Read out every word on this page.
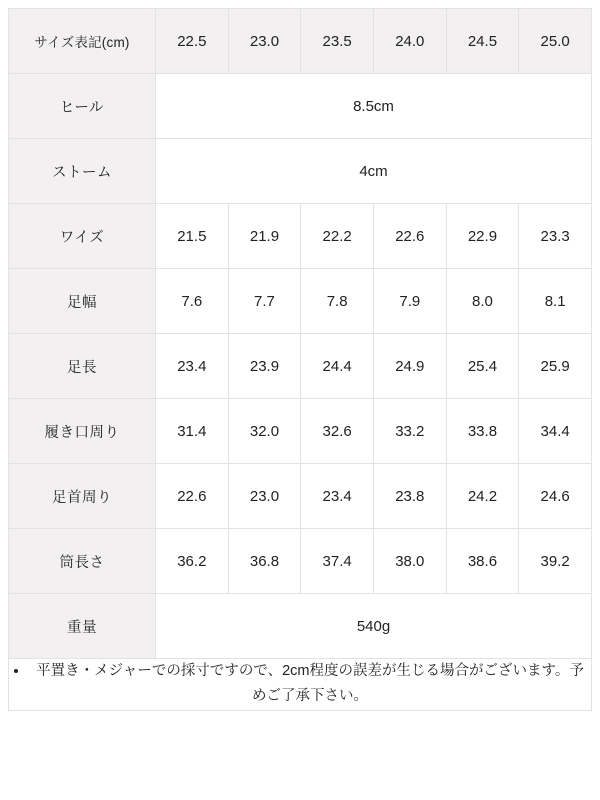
サイズ表記(cm)	22.5	23.0	23.5	24.0	24.5	25.0
ヒール	8.5cm					
ストーム	4cm					
ワイズ	21.5	21.9	22.2	22.6	22.9	23.3
足幅	7.6	7.7	7.8	7.9	8.0	8.1
足長	23.4	23.9	24.4	24.9	25.4	25.9
履き口周り	31.4	32.0	32.6	33.2	33.8	34.4
足首周り	22.6	23.0	23.4	23.8	24.2	24.6
筒長さ	36.2	36.8	37.4	38.0	38.6	39.2
重量	540g					

• 平置き・メジャーでの採寸ですので、2cm程度の誤差が生じる場合がございます。予めご了承下さい。
